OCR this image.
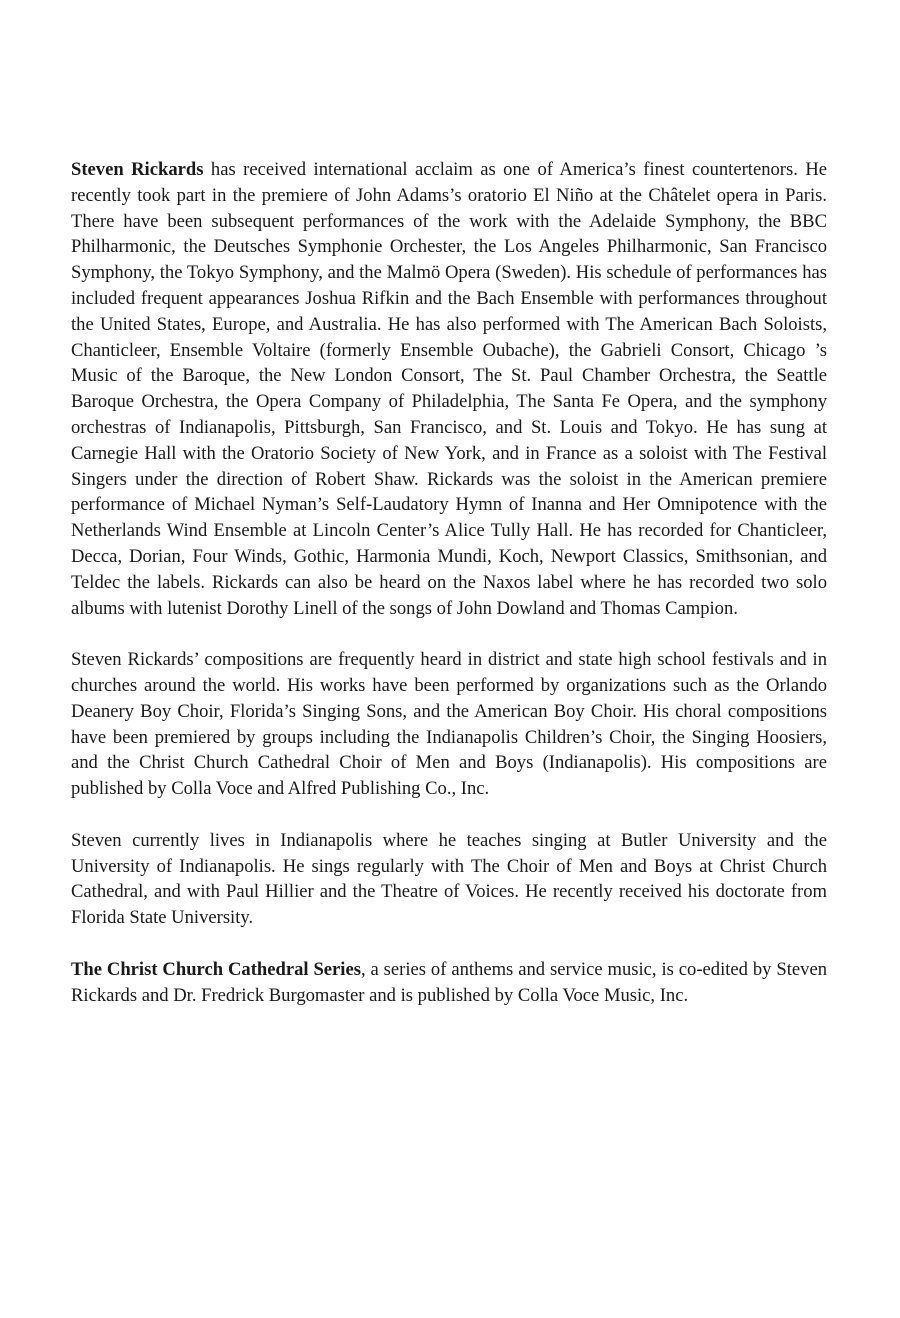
Steven Rickards has received international acclaim as one of America’s finest countertenors. He recently took part in the premiere of John Adams’s oratorio El Niño at the Châtelet opera in Paris. There have been subsequent performances of the work with the Adelaide Symphony, the BBC Philharmonic, the Deutsches Symphonie Orchester, the Los Angeles Philharmonic, San Francisco Symphony, the Tokyo Symphony, and the Malmö Opera (Sweden). His schedule of performances has included frequent appearances Joshua Rifkin and the Bach Ensemble with performances throughout the United States, Europe, and Australia. He has also performed with The American Bach Soloists, Chanticleer, Ensemble Voltaire (formerly Ensemble Oubache), the Gabrieli Consort, Chicago ’s Music of the Baroque, the New London Consort, The St. Paul Chamber Orchestra, the Seattle Baroque Orchestra, the Opera Company of Philadelphia, The Santa Fe Opera, and the symphony orchestras of Indianapolis, Pittsburgh, San Francisco, and St. Louis and Tokyo. He has sung at Carnegie Hall with the Oratorio Society of New York, and in France as a soloist with The Festival Singers under the direction of Robert Shaw. Rickards was the soloist in the American premiere performance of Michael Nyman’s Self-Laudatory Hymn of Inanna and Her Omnipotence with the Netherlands Wind Ensemble at Lincoln Center’s Alice Tully Hall. He has recorded for Chanticleer, Decca, Dorian, Four Winds, Gothic, Harmonia Mundi, Koch, Newport Classics, Smithsonian, and Teldec the labels. Rickards can also be heard on the Naxos label where he has recorded two solo albums with lutenist Dorothy Linell of the songs of John Dowland and Thomas Campion.

Steven Rickards’ compositions are frequently heard in district and state high school festivals and in churches around the world. His works have been performed by organizations such as the Orlando Deanery Boy Choir, Florida’s Singing Sons, and the American Boy Choir. His choral compositions have been premiered by groups including the Indianapolis Children’s Choir, the Singing Hoosiers, and the Christ Church Cathedral Choir of Men and Boys (Indianapolis). His compositions are published by Colla Voce and Alfred Publishing Co., Inc.

Steven currently lives in Indianapolis where he teaches singing at Butler University and the University of Indianapolis. He sings regularly with The Choir of Men and Boys at Christ Church Cathedral, and with Paul Hillier and the Theatre of Voices. He recently received his doctorate from Florida State University.

The Christ Church Cathedral Series, a series of anthems and service music, is co-edited by Steven Rickards and Dr. Fredrick Burgomaster and is published by Colla Voce Music, Inc.
